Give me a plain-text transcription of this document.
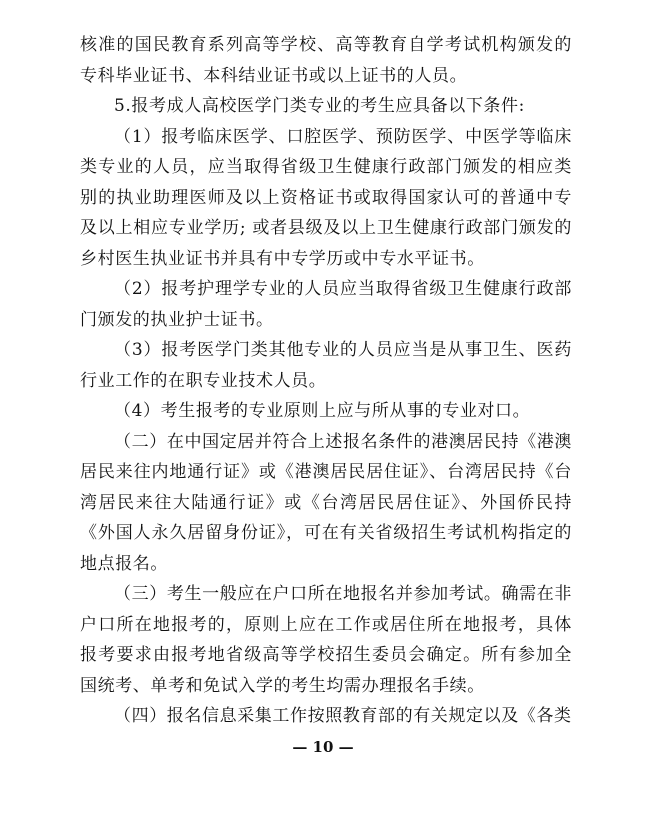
核准的国民教育系列高等学校、高等教育自学考试机构颁发的专科毕业证书、本科结业证书或以上证书的人员。

5.报考成人高校医学门类专业的考生应具备以下条件:

（1）报考临床医学、口腔医学、预防医学、中医学等临床类专业的人员，应当取得省级卫生健康行政部门颁发的相应类别的执业助理医师及以上资格证书或取得国家认可的普通中专及以上相应专业学历; 或者县级及以上卫生健康行政部门颁发的乡村医生执业证书并具有中专学历或中专水平证书。

（2）报考护理学专业的人员应当取得省级卫生健康行政部门颁发的执业护士证书。

（3）报考医学门类其他专业的人员应当是从事卫生、医药行业工作的在职专业技术人员。

（4）考生报考的专业原则上应与所从事的专业对口。

（二）在中国定居并符合上述报名条件的港澳居民持《港澳居民来往内地通行证》或《港澳居民居住证》、台湾居民持《台湾居民来往大陆通行证》或《台湾居民居住证》、外国侨民持《外国人永久居留身份证》，可在有关省级招生考试机构指定的地点报名。

（三）考生一般应在户口所在地报名并参加考试。确需在非户口所在地报考的，原则上应在工作或居住所在地报考，具体报考要求由报考地省级高等学校招生委员会确定。所有参加全国统考、单考和免试入学的考生均需办理报名手续。

（四）报名信息采集工作按照教育部的有关规定以及《各类

— 10 —
